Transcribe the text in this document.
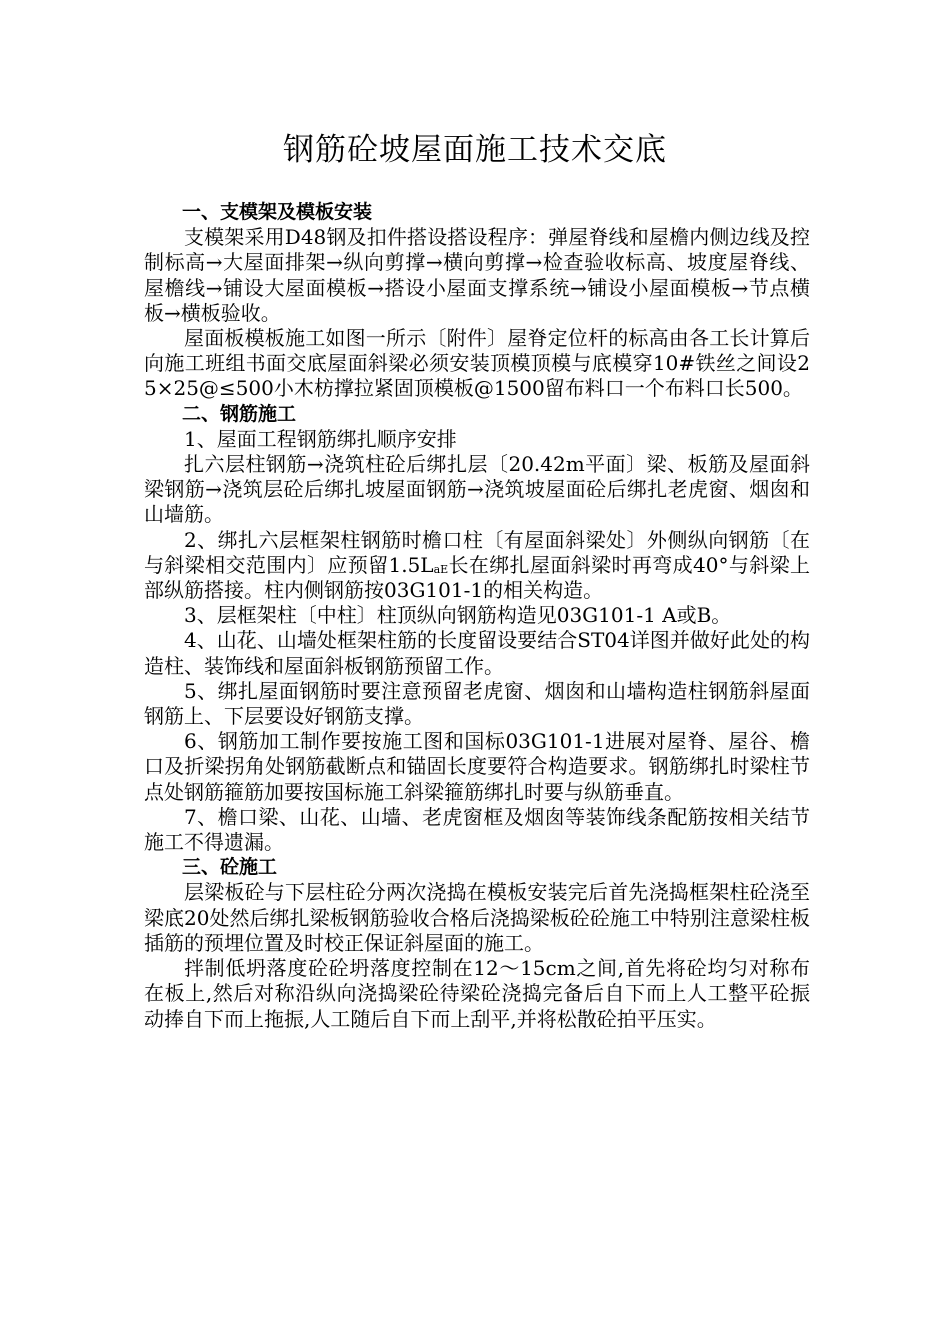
钢筋砼坡屋面施工技术交底
一、支模架及模板安装

支模架采用D48钢及扣件搭设搭设程序：弹屋脊线和屋檐内侧边线及控制标高→大屋面排架→纵向剪撑→横向剪撑→检查验收标高、坡度屋脊线、屋檐线→铺设大屋面模板→搭设小屋面支撑系统→铺设小屋面模板→节点横板→横板验收。

屋面板模板施工如图一所示〔附件〕屋脊定位杆的标高由各工长计算后向施工班组书面交底屋面斜梁必须安装顶模顶模与底模穿10#铁丝之间设25×25@≤500小木枋撑拉紧固顶模板@1500留布料口一个布料口长500。

二、钢筋施工

1、屋面工程钢筋绑扎顺序安排

扎六层柱钢筋→浇筑柱砼后绑扎层〔20.42m平面〕梁、板筋及屋面斜梁钢筋→浇筑层砼后绑扎坡屋面钢筋→浇筑坡屋面砼后绑扎老虎窗、烟囱和山墙筋。

2、绑扎六层框架柱钢筋时檐口柱〔有屋面斜梁处〕外侧纵向钢筋〔在与斜梁相交范围内〕应预留$1.5L_{aE}$长在绑扎屋面斜梁时再弯成40°与斜梁上部纵筋搭接。柱内侧钢筋按03G101-1的相关构造。

3、层框架柱〔中柱〕柱顶纵向钢筋构造见03G101-1 A或B。

4、山花、山墙处框架柱筋的长度留设要结合ST04详图并做好此处的构造柱、装饰线和屋面斜板钢筋预留工作。

5、绑扎屋面钢筋时要注意预留老虎窗、烟囱和山墙构造柱钢筋斜屋面钢筋上、下层要设好钢筋支撑。

6、钢筋加工制作要按施工图和国标03G101-1进展对屋脊、屋谷、檐口及折梁拐角处钢筋截断点和锚固长度要符合构造要求。钢筋绑扎时梁柱节点处钢筋箍筋加要按国标施工斜梁箍筋绑扎时要与纵筋垂直。

7、檐口梁、山花、山墙、老虎窗框及烟囱等装饰线条配筋按相关结节施工不得遗漏。

三、砼施工

层梁板砼与下层柱砼分两次浇捣在模板安装完后首先浇捣框架柱砼浇至梁底20处然后绑扎梁板钢筋验收合格后浇捣梁板砼砼施工中特别注意梁柱板插筋的预埋位置及时校正保证斜屋面的施工。

拌制低坍落度砼砼坍落度控制在12～15cm之间,首先将砼均匀对称布在板上,然后对称沿纵向浇捣梁砼待梁砼浇捣完备后自下而上人工整平砼振动捧自下而上拖振,人工随后自下而上刮平,并将松散砼拍平压实。
